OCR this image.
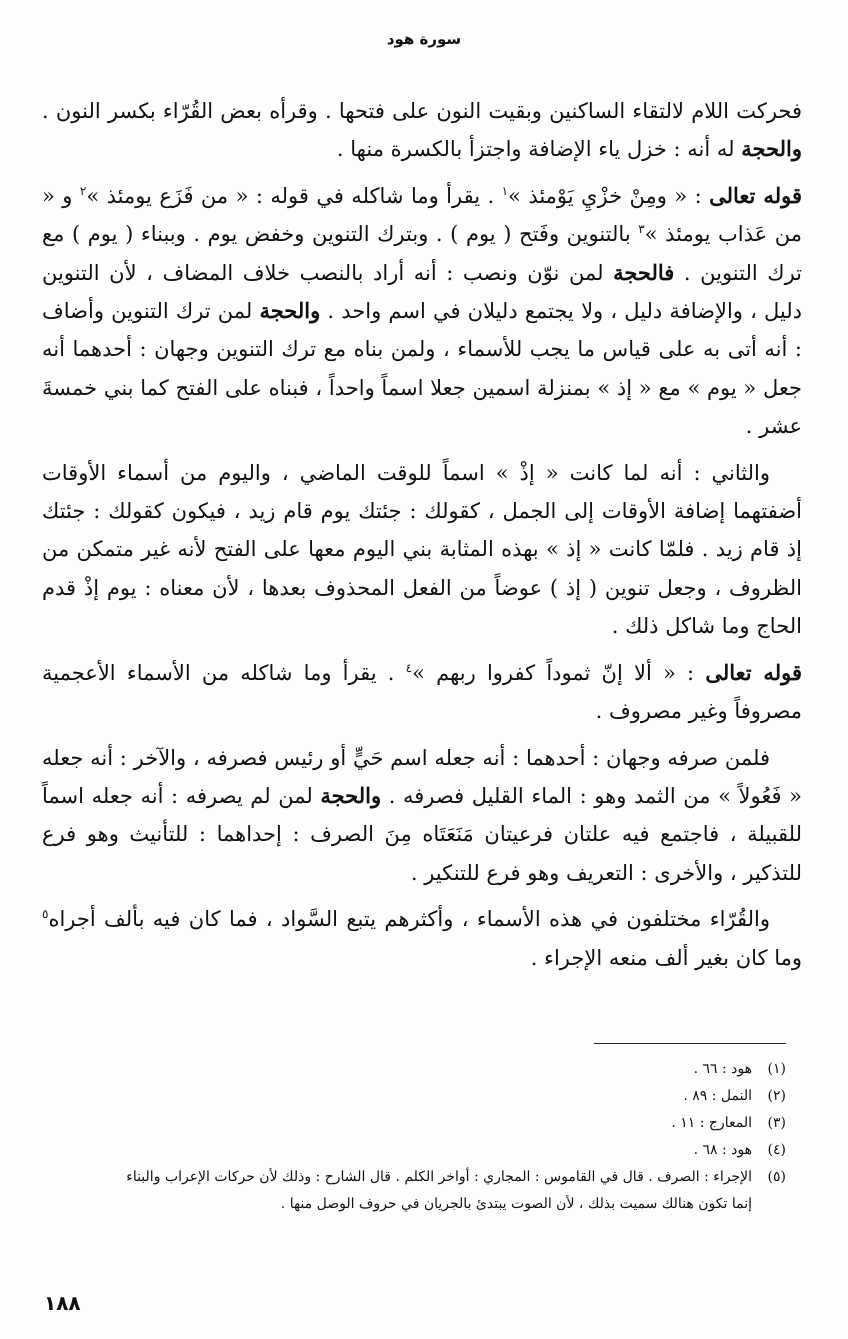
سورة هود

فحركت اللام لالتقاء الساكنين وبقيت النون على فتحها . وقرأه بعض القُرّاء بكسر النون . والحجة له أنه : خزل ياء الإضافة واجتزأ بالكسرة منها .

قوله تعالى : « ومِنْ خزْيِ يَوْمئذ »$^١$ . يقرأ وما شاكله في قوله : « من فَزَع يومئذ »$^٢$ و « من عَذاب يومئذ »$^٣$ بالتنوين وفَتح ( يوم ) . وبترك التنوين وخفض يوم . وببناء ( يوم ) مع ترك التنوين . فالحجة لمن نوّن ونصب : أنه أراد بالنصب خلاف المضاف ، لأن التنوين دليل ، والإضافة دليل ، ولا يجتمع دليلان في اسم واحد . والحجة لمن ترك التنوين وأضاف : أنه أتى به على قياس ما يجب للأسماء ، ولمن بناه مع ترك التنوين وجهان : أحدهما أنه جعل « يوم » مع « إذ » بمنزلة اسمين جعلا اسماً واحداً ، فبناه على الفتح كما بني خمسةَ عشر .

والثاني : أنه لما كانت « إذْ » اسماً للوقت الماضي ، واليوم من أسماء الأوقات أضفتهما إضافة الأوقات إلى الجمل ، كقولك : جئتك يوم قام زيد ، فيكون كقولك : جئتك إذ قام زيد . فلمّا كانت « إذ » بهذه المثابة بني اليوم معها على الفتح لأنه غير متمكن من الظروف ، وجعل تنوين ( إذ ) عوضاً من الفعل المحذوف بعدها ، لأن معناه : يوم إذْ قدم الحاج وما شاكل ذلك .

قوله تعالى : « ألا إنّ ثموداً كفروا ربهم »$^٤$ . يقرأ وما شاكله من الأسماء الأعجمية مصروفاً وغير مصروف .

فلمن صرفه وجهان : أحدهما : أنه جعله اسم حَيٍّ أو رئيس فصرفه ، والآخر : أنه جعله « فَعُولاً » من الثمد وهو : الماء القليل فصرفه . والحجة لمن لم يصرفه : أنه جعله اسماً للقبيلة ، فاجتمع فيه علتان فرعيتان مَنَعَتَاه مِنَ الصرف : إحداهما : للتأنيث وهو فرع للتذكير ، والأخرى : التعريف وهو فرع للتنكير .

والقُرّاء مختلفون في هذه الأسماء ، وأكثرهم يتبع السَّواد ، فما كان فيه بألف أجراه$^٥$ وما كان بغير ألف منعه الإجراء .

(١)
هود : ٦٦ .
(٢)
النمل : ٨٩ .
(٣)
المعارج : ١١ .
(٤)
هود : ٦٨ .
(٥)
الإجراء : الصرف . قال في القاموس : المجاري : أواخر الكلم . قال الشارح : وذلك لأن حركات الإعراب والبناء
إنما تكون هنالك سميت بذلك ، لأن الصوت يبتدئ بالجريان في حروف الوصل منها .
١٨٨
